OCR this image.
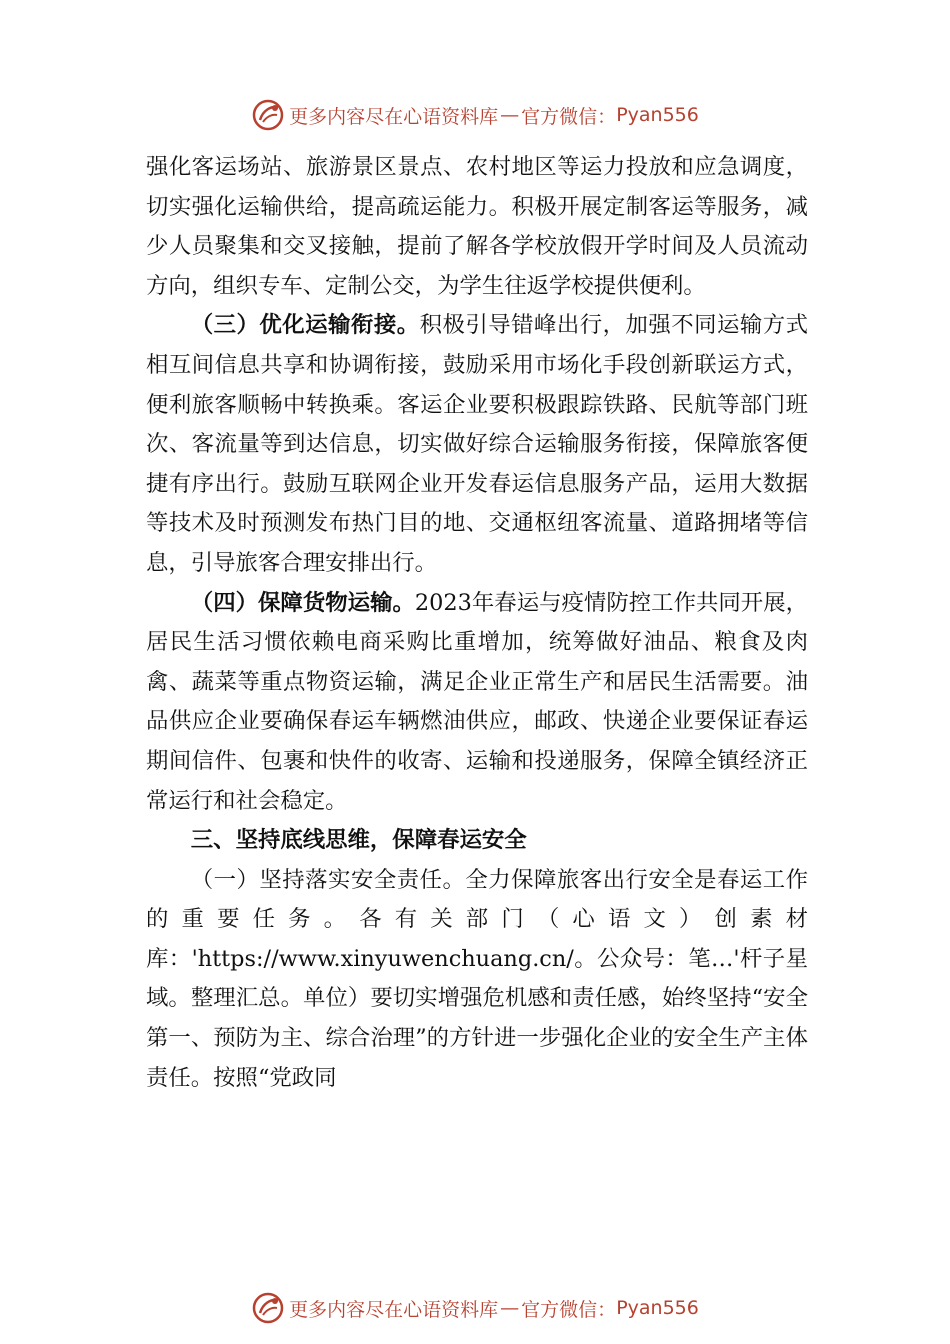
更多内容尽在心语资料库 — 官方微信： Pyan556

强化客运场站、旅游景区景点、农村地区等运力投放和应急调度，切实强化运输供给，提高疏运能力。积极开展定制客运等服务，减少人员聚集和交叉接触，提前了解各学校放假开学时间及人员流动方向，组织专车、定制公交，为学生往返学校提供便利。

（三）优化运输衔接。积极引导错峰出行，加强不同运输方式相互间信息共享和协调衔接，鼓励采用市场化手段创新联运方式，便利旅客顺畅中转换乘。客运企业要积极跟踪铁路、民航等部门班次、客流量等到达信息，切实做好综合运输服务衔接，保障旅客便捷有序出行。鼓励互联网企业开发春运信息服务产品，运用大数据等技术及时预测发布热门目的地、交通枢纽客流量、道路拥堵等信息，引导旅客合理安排出行。

（四）保障货物运输。2023年春运与疫情防控工作共同开展，居民生活习惯依赖电商采购比重增加，统筹做好油品、粮食及肉禽、蔬菜等重点物资运输，满足企业正常生产和居民生活需要。油品供应企业要确保春运车辆燃油供应，邮政、快递企业要保证春运期间信件、包裹和快件的收寄、运输和投递服务，保障全镇经济正常运行和社会稳定。

三、坚持底线思维，保障春运安全

（一）坚持落实安全责任。全力保障旅客出行安全是春运工作的重要任务。各有关部门（心语文）创素材库：'https://www.xinyuwenchuang.cn/。公众号：笔…'杆子星域。整理汇总。单位）要切实增强危机感和责任感，始终坚持“安全第一、预防为主、综合治理”的方针进一步强化企业的安全生产主体责任。按照“党政同

更多内容尽在心语资料库 — 官方微信： Pyan556
